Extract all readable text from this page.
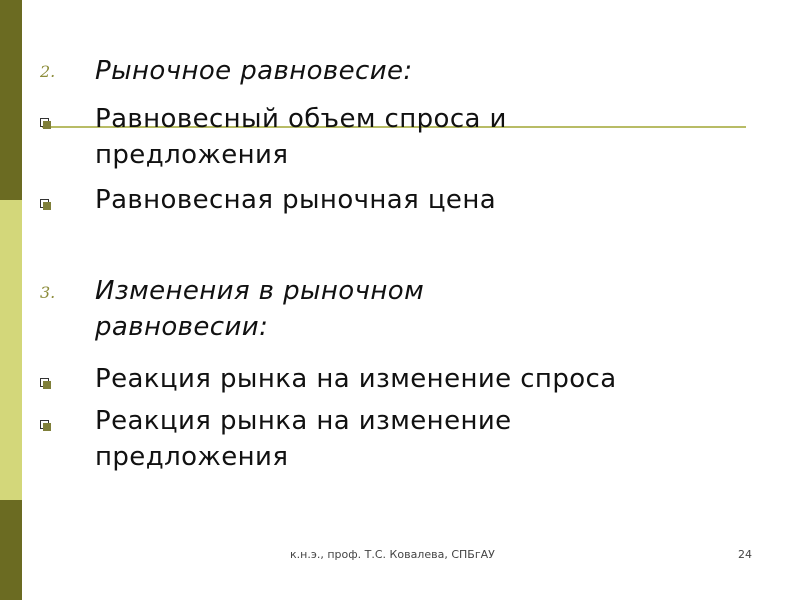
2. Рыночное равновесие:
Равновесный объем спроса и
предложения
Равновесная рыночная цена
3. Изменения в рыночном
равновесии:
Реакция рынка на изменение спроса
Реакция рынка на изменение
предложения
к.н.э., проф. Т.С. Ковалева, СПБгАУ	24
